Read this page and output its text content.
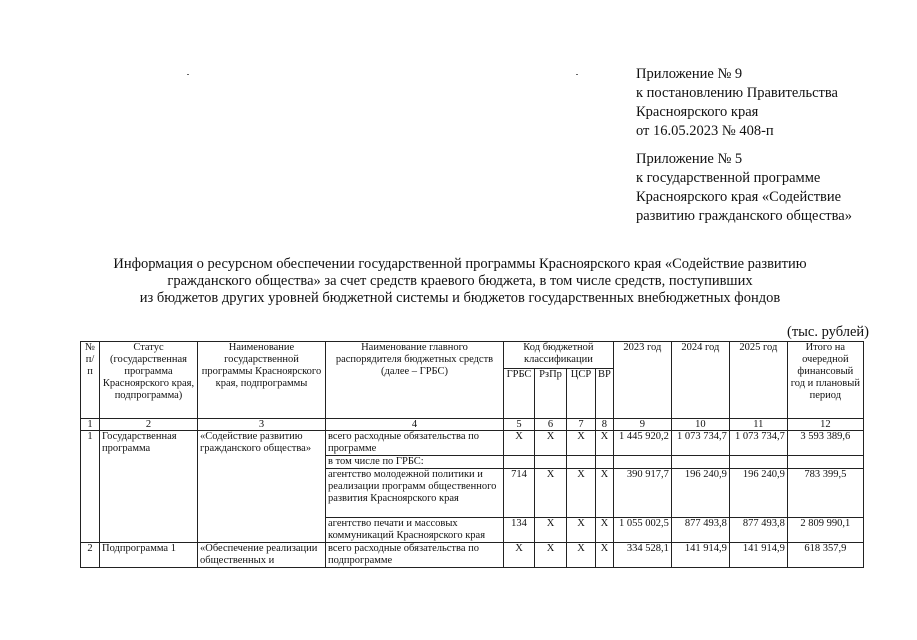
Приложение № 9
к постановлению Правительства
Красноярского края
от 16.05.2023 № 408-п
Приложение № 5
к государственной программе
Красноярского края «Содействие
развитию гражданского общества»
Информация о ресурсном обеспечении государственной программы Красноярского края «Содействие развитию
гражданского общества» за счет средств краевого бюджета, в том числе средств, поступивших
из бюджетов других уровней бюджетной системы и бюджетов государственных внебюджетных фондов
(тыс. рублей)
№ п/п	Статус (государственная программа Красноярского края, подпрограмма)	Наименование государственной программы Красноярского края, подпрограммы	Наименование главного распорядителя бюджетных средств (далее – ГРБС)	Код бюджетной классификации				2023 год	2024 год	2025 год	Итого на очередной финансовый год и плановый период
				ГРБС	РзПр	ЦСР	ВР				
1	2	3	4	5	6	7	8	9	10	11	12
1	Государственная программа	«Содействие развитию гражданского общества»	всего расходные обязательства по программе	Х	Х	Х	Х	1 445 920,2	1 073 734,7	1 073 734,7	3 593 389,6
			в том числе по ГРБС:								
			агентство молодежной политики и реализации программ общественного развития Красноярского края	714	Х	Х	Х	390 917,7	196 240,9	196 240,9	783 399,5
			агентство печати и массовых коммуникаций Красноярского края	134	Х	Х	Х	1 055 002,5	877 493,8	877 493,8	2 809 990,1
2	Подпрограмма 1	«Обеспечение реализации общественных и	всего расходные обязательства по подпрограмме	Х	Х	Х	Х	334 528,1	141 914,9	141 914,9	618 357,9
